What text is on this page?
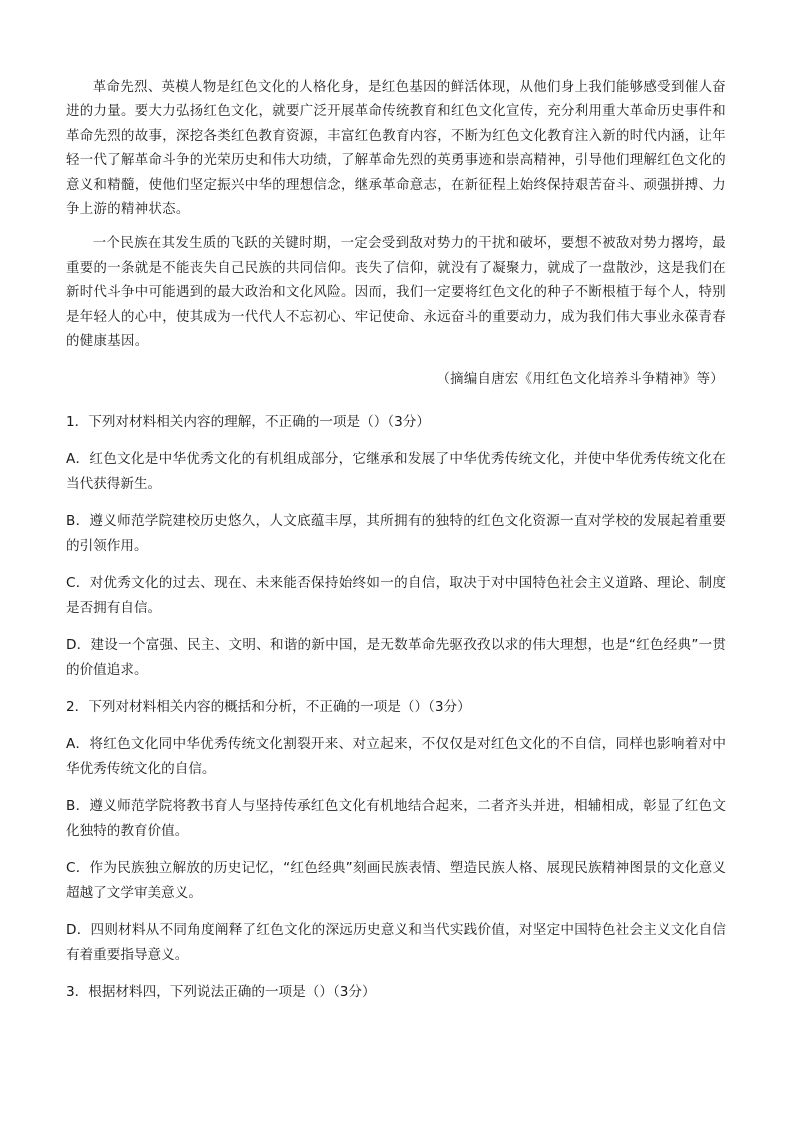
革命先烈、英模人物是红色文化的人格化身，是红色基因的鲜活体现，从他们身上我们能够感受到催人奋进的力量。要大力弘扬红色文化，就要广泛开展革命传统教育和红色文化宣传，充分利用重大革命历史事件和革命先烈的故事，深挖各类红色教育资源，丰富红色教育内容，不断为红色文化教育注入新的时代内涵，让年轻一代了解革命斗争的光荣历史和伟大功绩，了解革命先烈的英勇事迹和崇高精神，引导他们理解红色文化的意义和精髓，使他们坚定振兴中华的理想信念，继承革命意志，在新征程上始终保持艰苦奋斗、顽强拼搏、力争上游的精神状态。

一个民族在其发生质的飞跃的关键时期，一定会受到敌对势力的干扰和破坏，要想不被敌对势力撂垮，最重要的一条就是不能丧失自己民族的共同信仰。丧失了信仰，就没有了凝聚力，就成了一盘散沙，这是我们在新时代斗争中可能遇到的最大政治和文化风险。因而，我们一定要将红色文化的种子不断根植于每个人，特别是年轻人的心中，使其成为一代代人不忘初心、牢记使命、永远奋斗的重要动力，成为我们伟大事业永葆青春的健康基因。

（摘编自唐宏《用红色文化培养斗争精神》等）

1．下列对材料相关内容的理解，不正确的一项是（）（3分）

A．红色文化是中华优秀文化的有机组成部分，它继承和发展了中华优秀传统文化，并使中华优秀传统文化在当代获得新生。

B．遵义师范学院建校历史悠久，人文底蕴丰厚，其所拥有的独特的红色文化资源一直对学校的发展起着重要的引领作用。

C．对优秀文化的过去、现在、未来能否保持始终如一的自信，取决于对中国特色社会主义道路、理论、制度是否拥有自信。

D．建设一个富强、民主、文明、和谐的新中国，是无数革命先驱孜孜以求的伟大理想，也是“红色经典”一贯的价值追求。

2．下列对材料相关内容的概括和分析，不正确的一项是（）（3分）

A．将红色文化同中华优秀传统文化割裂开来、对立起来，不仅仅是对红色文化的不自信，同样也影响着对中华优秀传统文化的自信。

B．遵义师范学院将教书育人与坚持传承红色文化有机地结合起来，二者齐头并进，相辅相成，彰显了红色文化独特的教育价值。

C．作为民族独立解放的历史记忆，“红色经典”刻画民族表情、塑造民族人格、展现民族精神图景的文化意义超越了文学审美意义。

D．四则材料从不同角度阐释了红色文化的深远历史意义和当代实践价值，对坚定中国特色社会主义文化自信有着重要指导意义。

3．根据材料四，下列说法正确的一项是（）（3分）
